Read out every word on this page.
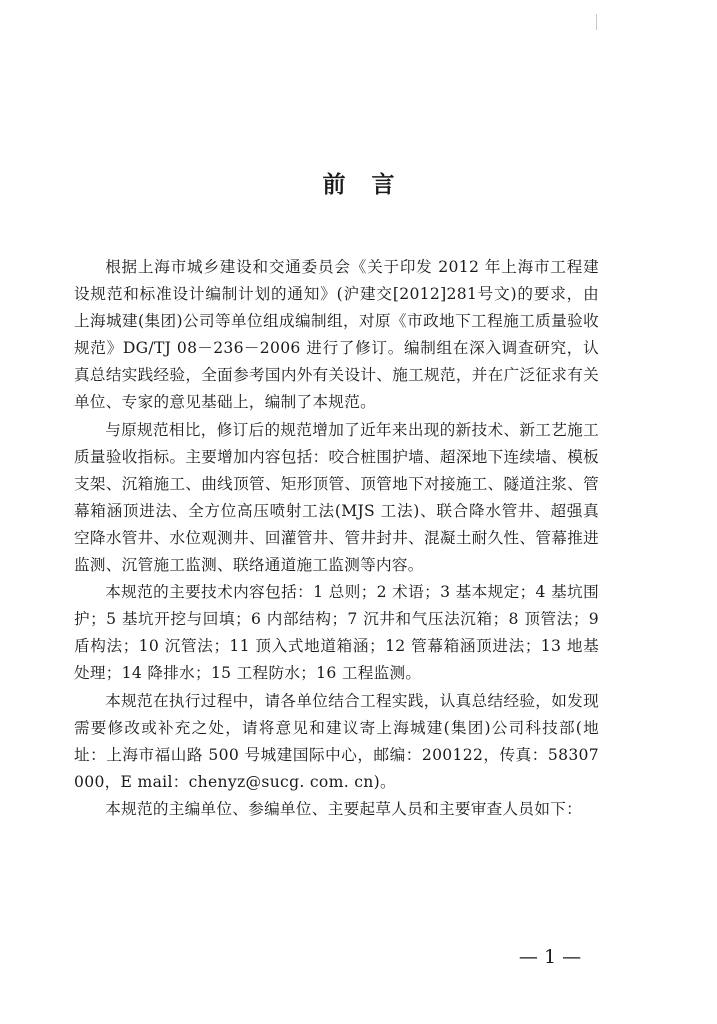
前言

根据上海市城乡建设和交通委员会《关于印发 2012 年上海市工程建设规范和标准设计编制计划的通知》(沪建交[2012]281号文)的要求，由上海城建(集团)公司等单位组成编制组，对原《市政地下工程施工质量验收规范》DG/TJ 08－236－2006 进行了修订。编制组在深入调查研究，认真总结实践经验，全面参考国内外有关设计、施工规范，并在广泛征求有关单位、专家的意见基础上，编制了本规范。

与原规范相比，修订后的规范增加了近年来出现的新技术、新工艺施工质量验收指标。主要增加内容包括：咬合桩围护墙、超深地下连续墙、模板支架、沉箱施工、曲线顶管、矩形顶管、顶管地下对接施工、隧道注浆、管幕箱涵顶进法、全方位高压喷射工法(MJS 工法)、联合降水管井、超强真空降水管井、水位观测井、回灌管井、管井封井、混凝土耐久性、管幕推进监测、沉管施工监测、联络通道施工监测等内容。

本规范的主要技术内容包括：1 总则；2 术语；3 基本规定；4 基坑围护；5 基坑开挖与回填；6 内部结构；7 沉井和气压法沉箱；8 顶管法；9 盾构法；10 沉管法；11 顶入式地道箱涵；12 管幕箱涵顶进法；13 地基处理；14 降排水；15 工程防水；16 工程监测。

本规范在执行过程中，请各单位结合工程实践，认真总结经验，如发现需要修改或补充之处，请将意见和建议寄上海城建(集团)公司科技部(地址：上海市福山路 500 号城建国际中心，邮编：200122，传真：58307000，E mail：chenyz@sucg. com. cn)。

本规范的主编单位、参编单位、主要起草人员和主要审查人员如下：

— 1 —
